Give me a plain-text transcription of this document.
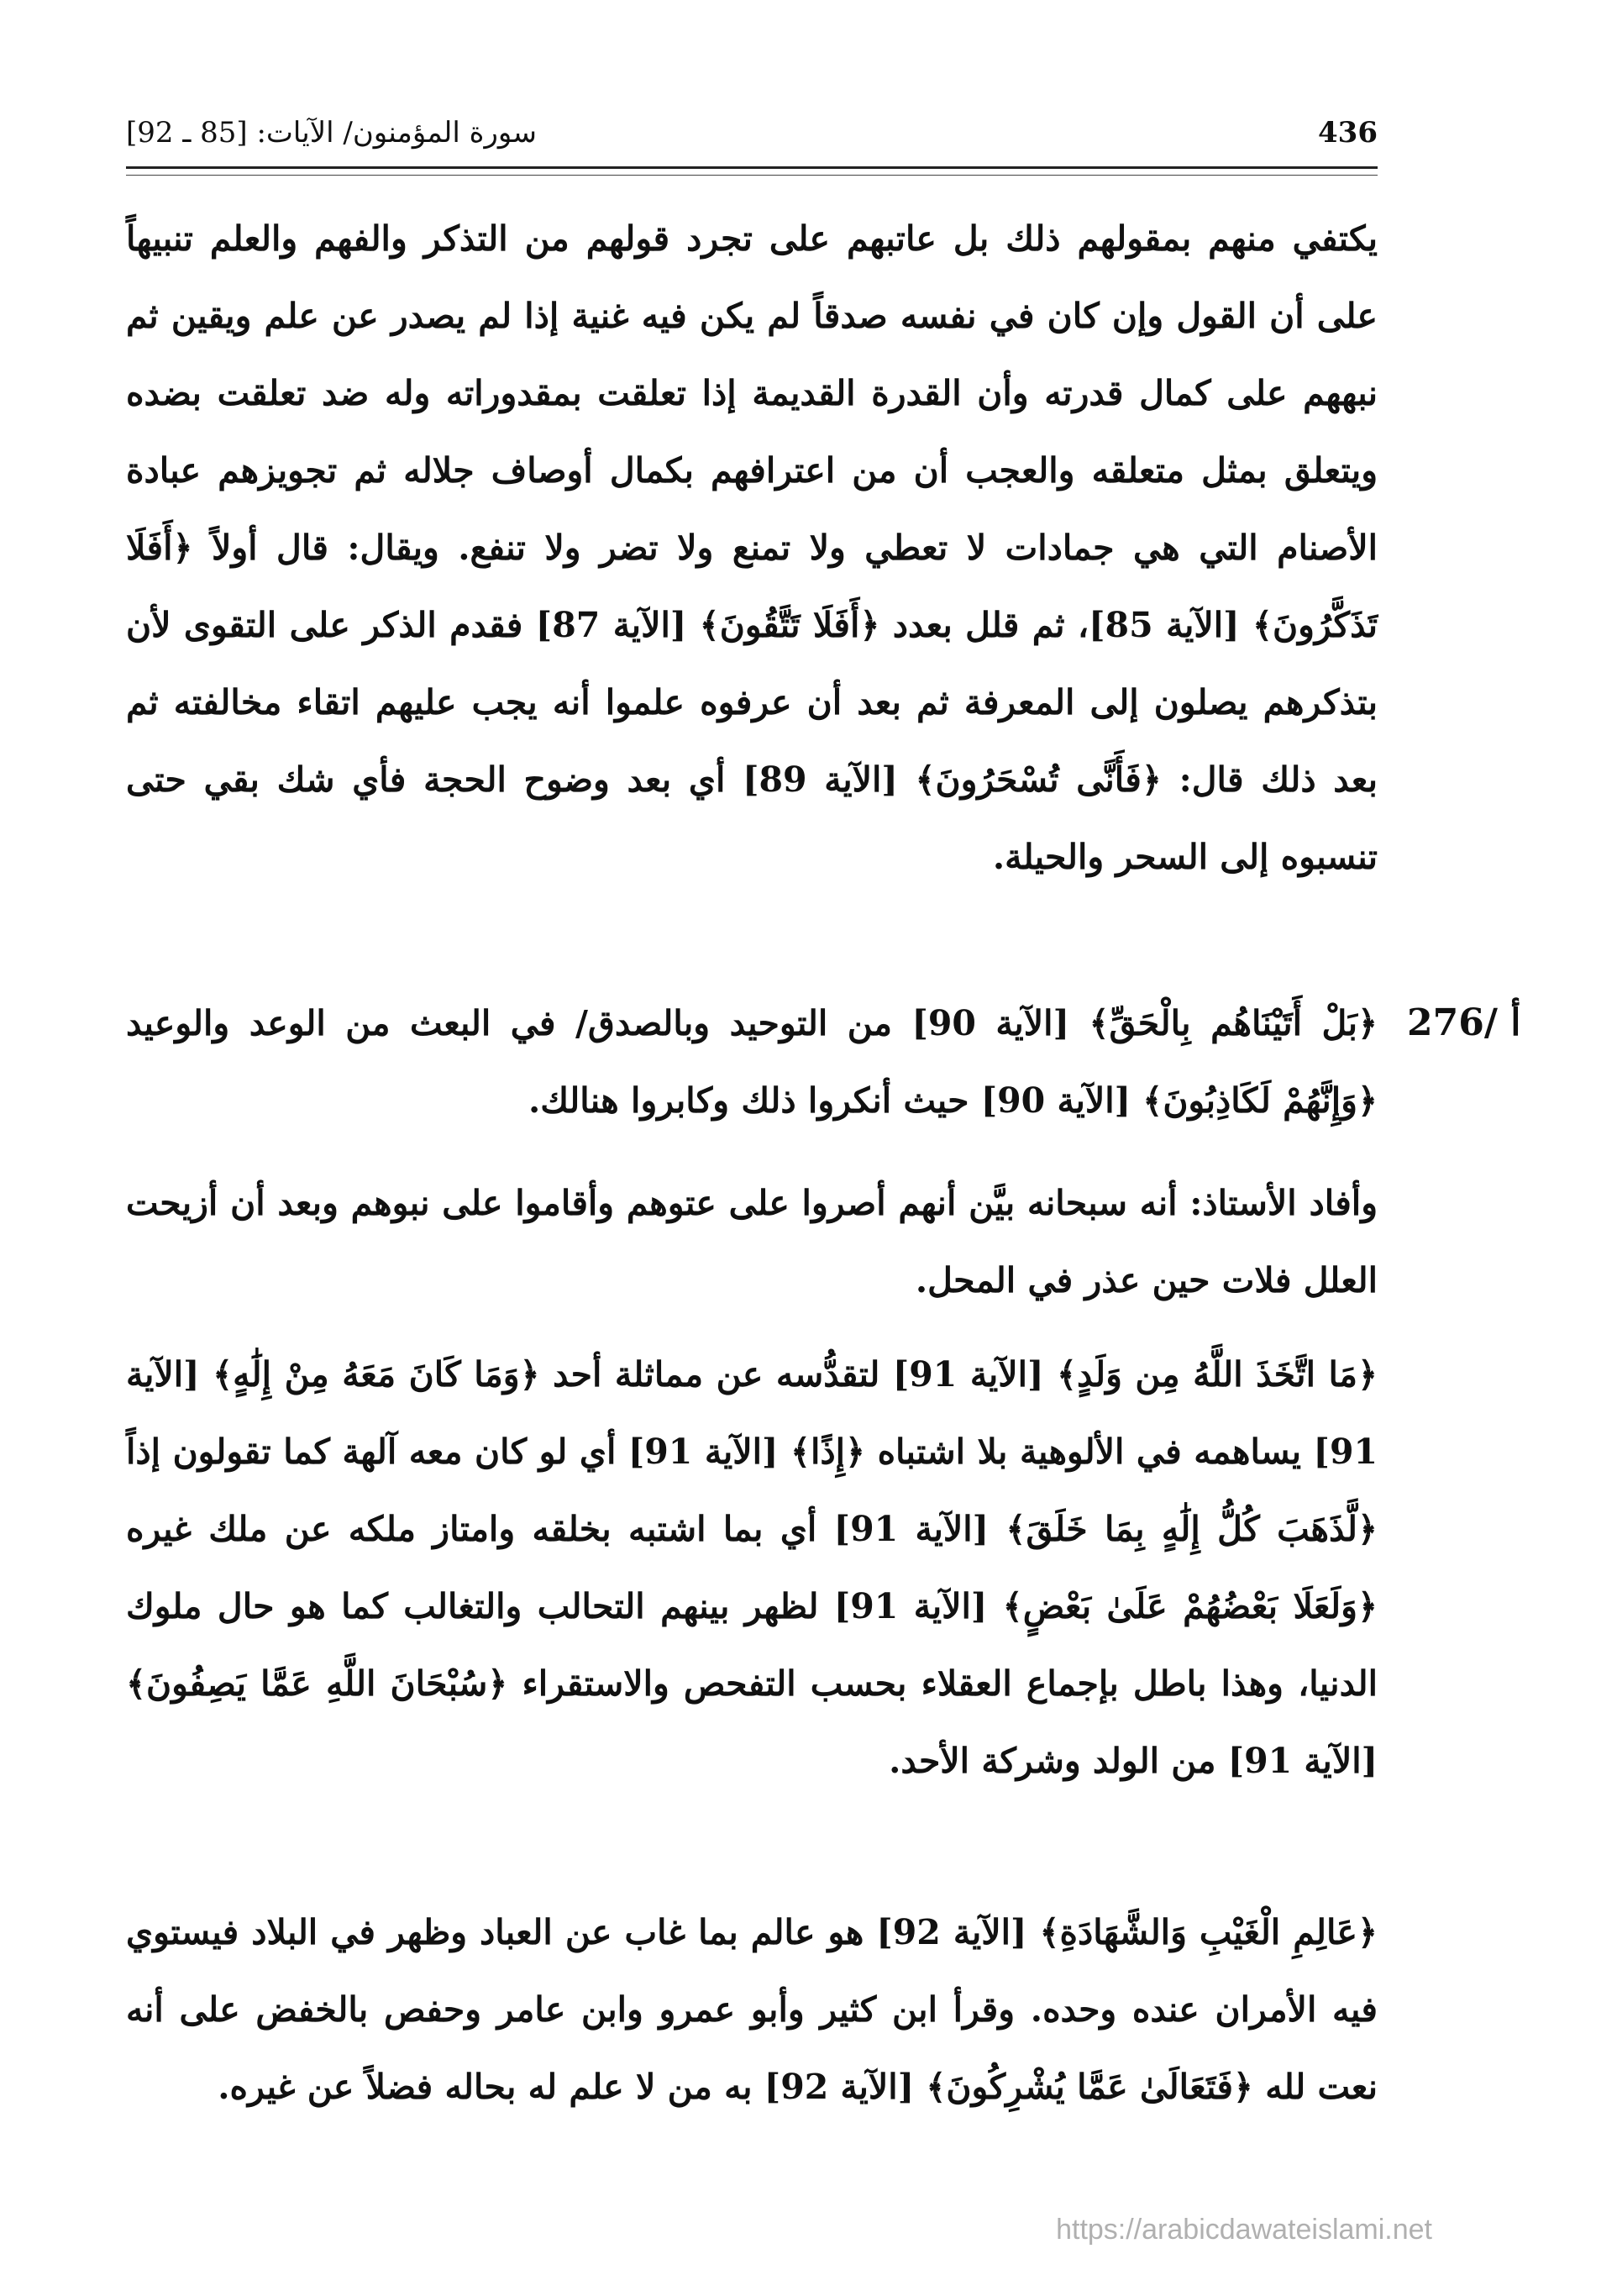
436
سورة المؤمنون/ الآيات: [85 ـ 92]

يكتفي منهم بمقولهم ذلك بل عاتبهم على تجرد قولهم من التذكر والفهم والعلم تنبيهاً على أن القول وإن كان في نفسه صدقاً لم يكن فيه غنية إذا لم يصدر عن علم ويقين ثم نبههم على كمال قدرته وأن القدرة القديمة إذا تعلقت بمقدوراته وله ضد تعلقت بضده ويتعلق بمثل متعلقه والعجب أن من اعترافهم بكمال أوصاف جلاله ثم تجويزهم عبادة الأصنام التي هي جمادات لا تعطي ولا تمنع ولا تضر ولا تنفع. ويقال: قال أولاً ﴿أَفَلَا تَذَكَّرُونَ﴾ [الآية 85]، ثم قلل بعدد ﴿أَفَلَا تَتَّقُونَ﴾ [الآية 87] فقدم الذكر على التقوى لأن بتذكرهم يصلون إلى المعرفة ثم بعد أن عرفوه علموا أنه يجب عليهم اتقاء مخالفته ثم بعد ذلك قال: ﴿فَأَنَّى تُسْحَرُونَ﴾ [الآية 89] أي بعد وضوح الحجة فأي شك بقي حتى تنسبوه إلى السحر والحيلة.

276/ أ

﴿بَلْ أَتَيْنَاهُم بِالْحَقِّ﴾ [الآية 90] من التوحيد وبالصدق/ في البعث من الوعد والوعيد ﴿وَإِنَّهُمْ لَكَاذِبُونَ﴾ [الآية 90] حيث أنكروا ذلك وكابروا هنالك.

وأفاد الأستاذ: أنه سبحانه بيَّن أنهم أصروا على عتوهم وأقاموا على نبوهم وبعد أن أزيحت العلل فلات حين عذر في المحل.

﴿مَا اتَّخَذَ اللَّهُ مِن وَلَدٍ﴾ [الآية 91] لتقدُّسه عن مماثلة أحد ﴿وَمَا كَانَ مَعَهُ مِنْ إِلَٰهٍ﴾ [الآية 91] يساهمه في الألوهية بلا اشتباه ﴿إِذًا﴾ [الآية 91] أي لو كان معه آلهة كما تقولون إذاً ﴿لَّذَهَبَ كُلُّ إِلَٰهٍ بِمَا خَلَقَ﴾ [الآية 91] أي بما اشتبه بخلقه وامتاز ملكه عن ملك غيره ﴿وَلَعَلَا بَعْضُهُمْ عَلَىٰ بَعْضٍ﴾ [الآية 91] لظهر بينهم التحالب والتغالب كما هو حال ملوك الدنيا، وهذا باطل بإجماع العقلاء بحسب التفحص والاستقراء ﴿سُبْحَانَ اللَّهِ عَمَّا يَصِفُونَ﴾ [الآية 91] من الولد وشركة الأحد.

﴿عَالِمِ الْغَيْبِ وَالشَّهَادَةِ﴾ [الآية 92] هو عالم بما غاب عن العباد وظهر في البلاد فيستوي فيه الأمران عنده وحده. وقرأ ابن كثير وأبو عمرو وابن عامر وحفص بالخفض على أنه نعت لله ﴿فَتَعَالَىٰ عَمَّا يُشْرِكُونَ﴾ [الآية 92] به من لا علم له بحاله فضلاً عن غيره.

https://arabicdawateislami.net
